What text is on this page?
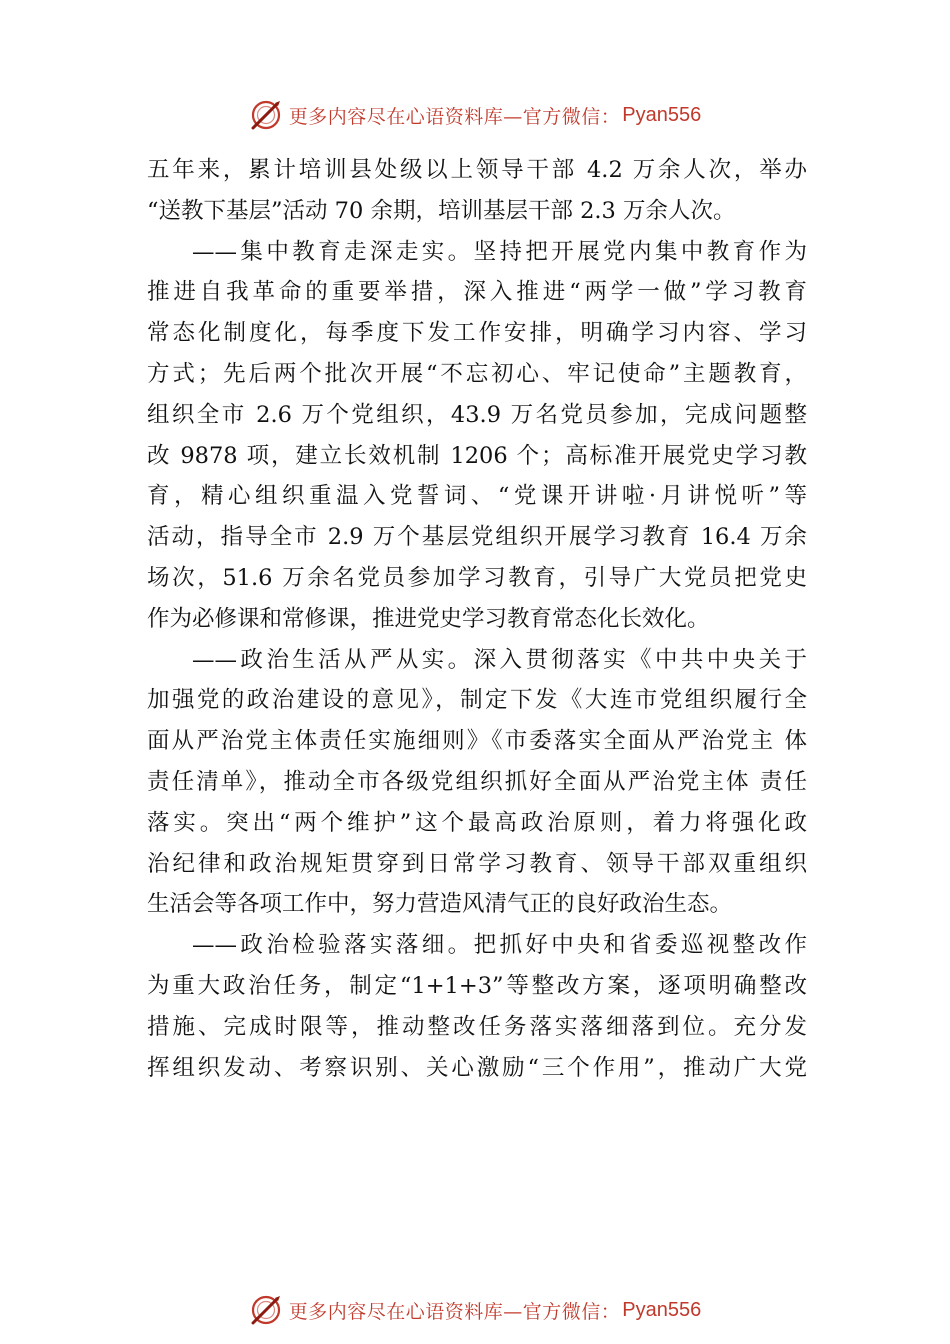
更多内容尽在心语资料库—官方微信： Pyan556
五年来，累计培训县处级以上领导干部 4.2 万余人次，举办
“送教下基层”活动 70 余期，培训基层干部 2.3 万余人次。
——集中教育走深走实。坚持把开展党内集中教育作为
推进自我革命的重要举措，深入推进“两学一做”学习教育
常态化制度化，每季度下发工作安排，明确学习内容、学习
方式；先后两个批次开展“不忘初心、牢记使命”主题教育，
组织全市 2.6 万个党组织，43.9 万名党员参加，完成问题整
改 9878 项，建立长效机制 1206 个；高标准开展党史学习教
育，精心组织重温入党誓词、“党课开讲啦·月讲悦听”等
活动，指导全市 2.9 万个基层党组织开展学习教育 16.4 万余
场次，51.6 万余名党员参加学习教育，引导广大党员把党史
作为必修课和常修课，推进党史学习教育常态化长效化。
——政治生活从严从实。深入贯彻落实《中共中央关于
加强党的政治建设的意见》，制定下发《大连市党组织履行全
面从严治党主体责任实施细则》《市委落实全面从严治党主 体
责任清单》，推动全市各级党组织抓好全面从严治党主体 责任
落实。突出“两个维护”这个最高政治原则，着力将强化政
治纪律和政治规矩贯穿到日常学习教育、领导干部双重组织
生活会等各项工作中，努力营造风清气正的良好政治生态。
——政治检验落实落细。把抓好中央和省委巡视整改作
为重大政治任务，制定“1+1+3”等整改方案，逐项明确整改
措施、完成时限等，推动整改任务落实落细落到位。充分发
挥组织发动、考察识别、关心激励“三个作用”，推动广大党
更多内容尽在心语资料库—官方微信： Pyan556
